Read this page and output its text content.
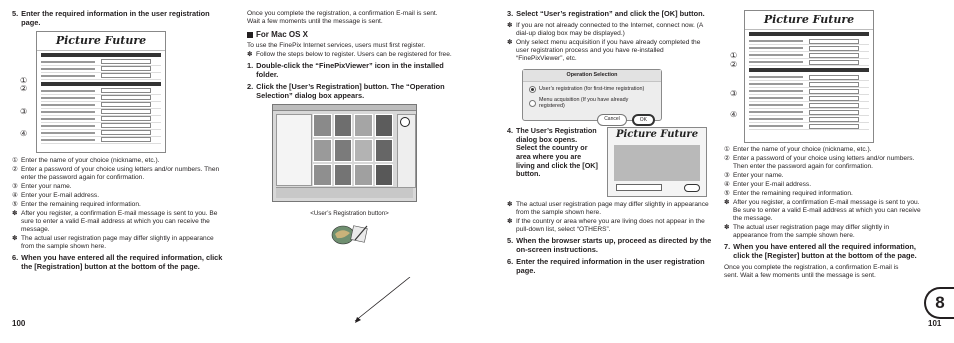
5. Enter the required information in the user registration page.
①
②
③
④
Picture Future
① Enter the name of your choice (nickname, etc.).
② Enter a password of your choice using letters and/or numbers. Then enter the password again for confirmation.
③ Enter your name.
④ Enter your E-mail address.
⑤ Enter the remaining required information.
✽ After you register, a confirmation E-mail message is sent to you. Be sure to enter a valid E-mail address at which you can receive the message.
✽ The actual user registration page may differ slightly in appearance from the sample shown here.
6. When you have entered all the required information, click the [Registration] button at the bottom of the page.
100
Once you complete the registration, a confirmation E-mail is sent. Wait a few moments until the message is sent.
For Mac OS X
To use the FinePix Internet services, users must first register.
✽ Follow the steps below to register. Users can be registered for free.
1. Double-click the “FinePixViewer” icon in the installed folder.
2. Click the [User’s Registration] button. The “Operation Selection” dialog box appears.
<User’s Registration button>
3. Select “User’s registration” and click the [OK] button.
✽ If you are not already connected to the Internet, connect now. (A dial-up dialog box may be displayed.)
✽ Only select menu acquisition if you have already completed the user registration process and you have re-installed “FinePixViewer”, etc.
Operation Selection
User’s registration (for first-time registration)
Menu acquisition (If you have already registered)
Cancel	OK
4. The User’s Registration dialog box opens. Select the country or area where you are living and click the [OK] button.
Picture Future
✽ The actual user registration page may differ slightly in appearance from the sample shown here.
✽ If the country or area where you are living does not appear in the pull-down list, select “OTHERS”.
5. When the browser starts up, proceed as directed by the on-screen instructions.
6. Enter the required information in the user registration page.
①
②
③
④
Picture Future
① Enter the name of your choice (nickname, etc.).
② Enter a password of your choice using letters and/or numbers. Then enter the password again for confirmation.
③ Enter your name.
④ Enter your E-mail address.
⑤ Enter the remaining required information.
✽ After you register, a confirmation E-mail message is sent to you. Be sure to enter a valid E-mail address at which you can receive the message.
✽ The actual user registration page may differ slightly in appearance from the sample shown here.
7. When you have entered all the required information, click the [Register] button at the bottom of the page.
Once you complete the registration, a confirmation E-mail is sent. Wait a few moments until the message is sent.
101
8
